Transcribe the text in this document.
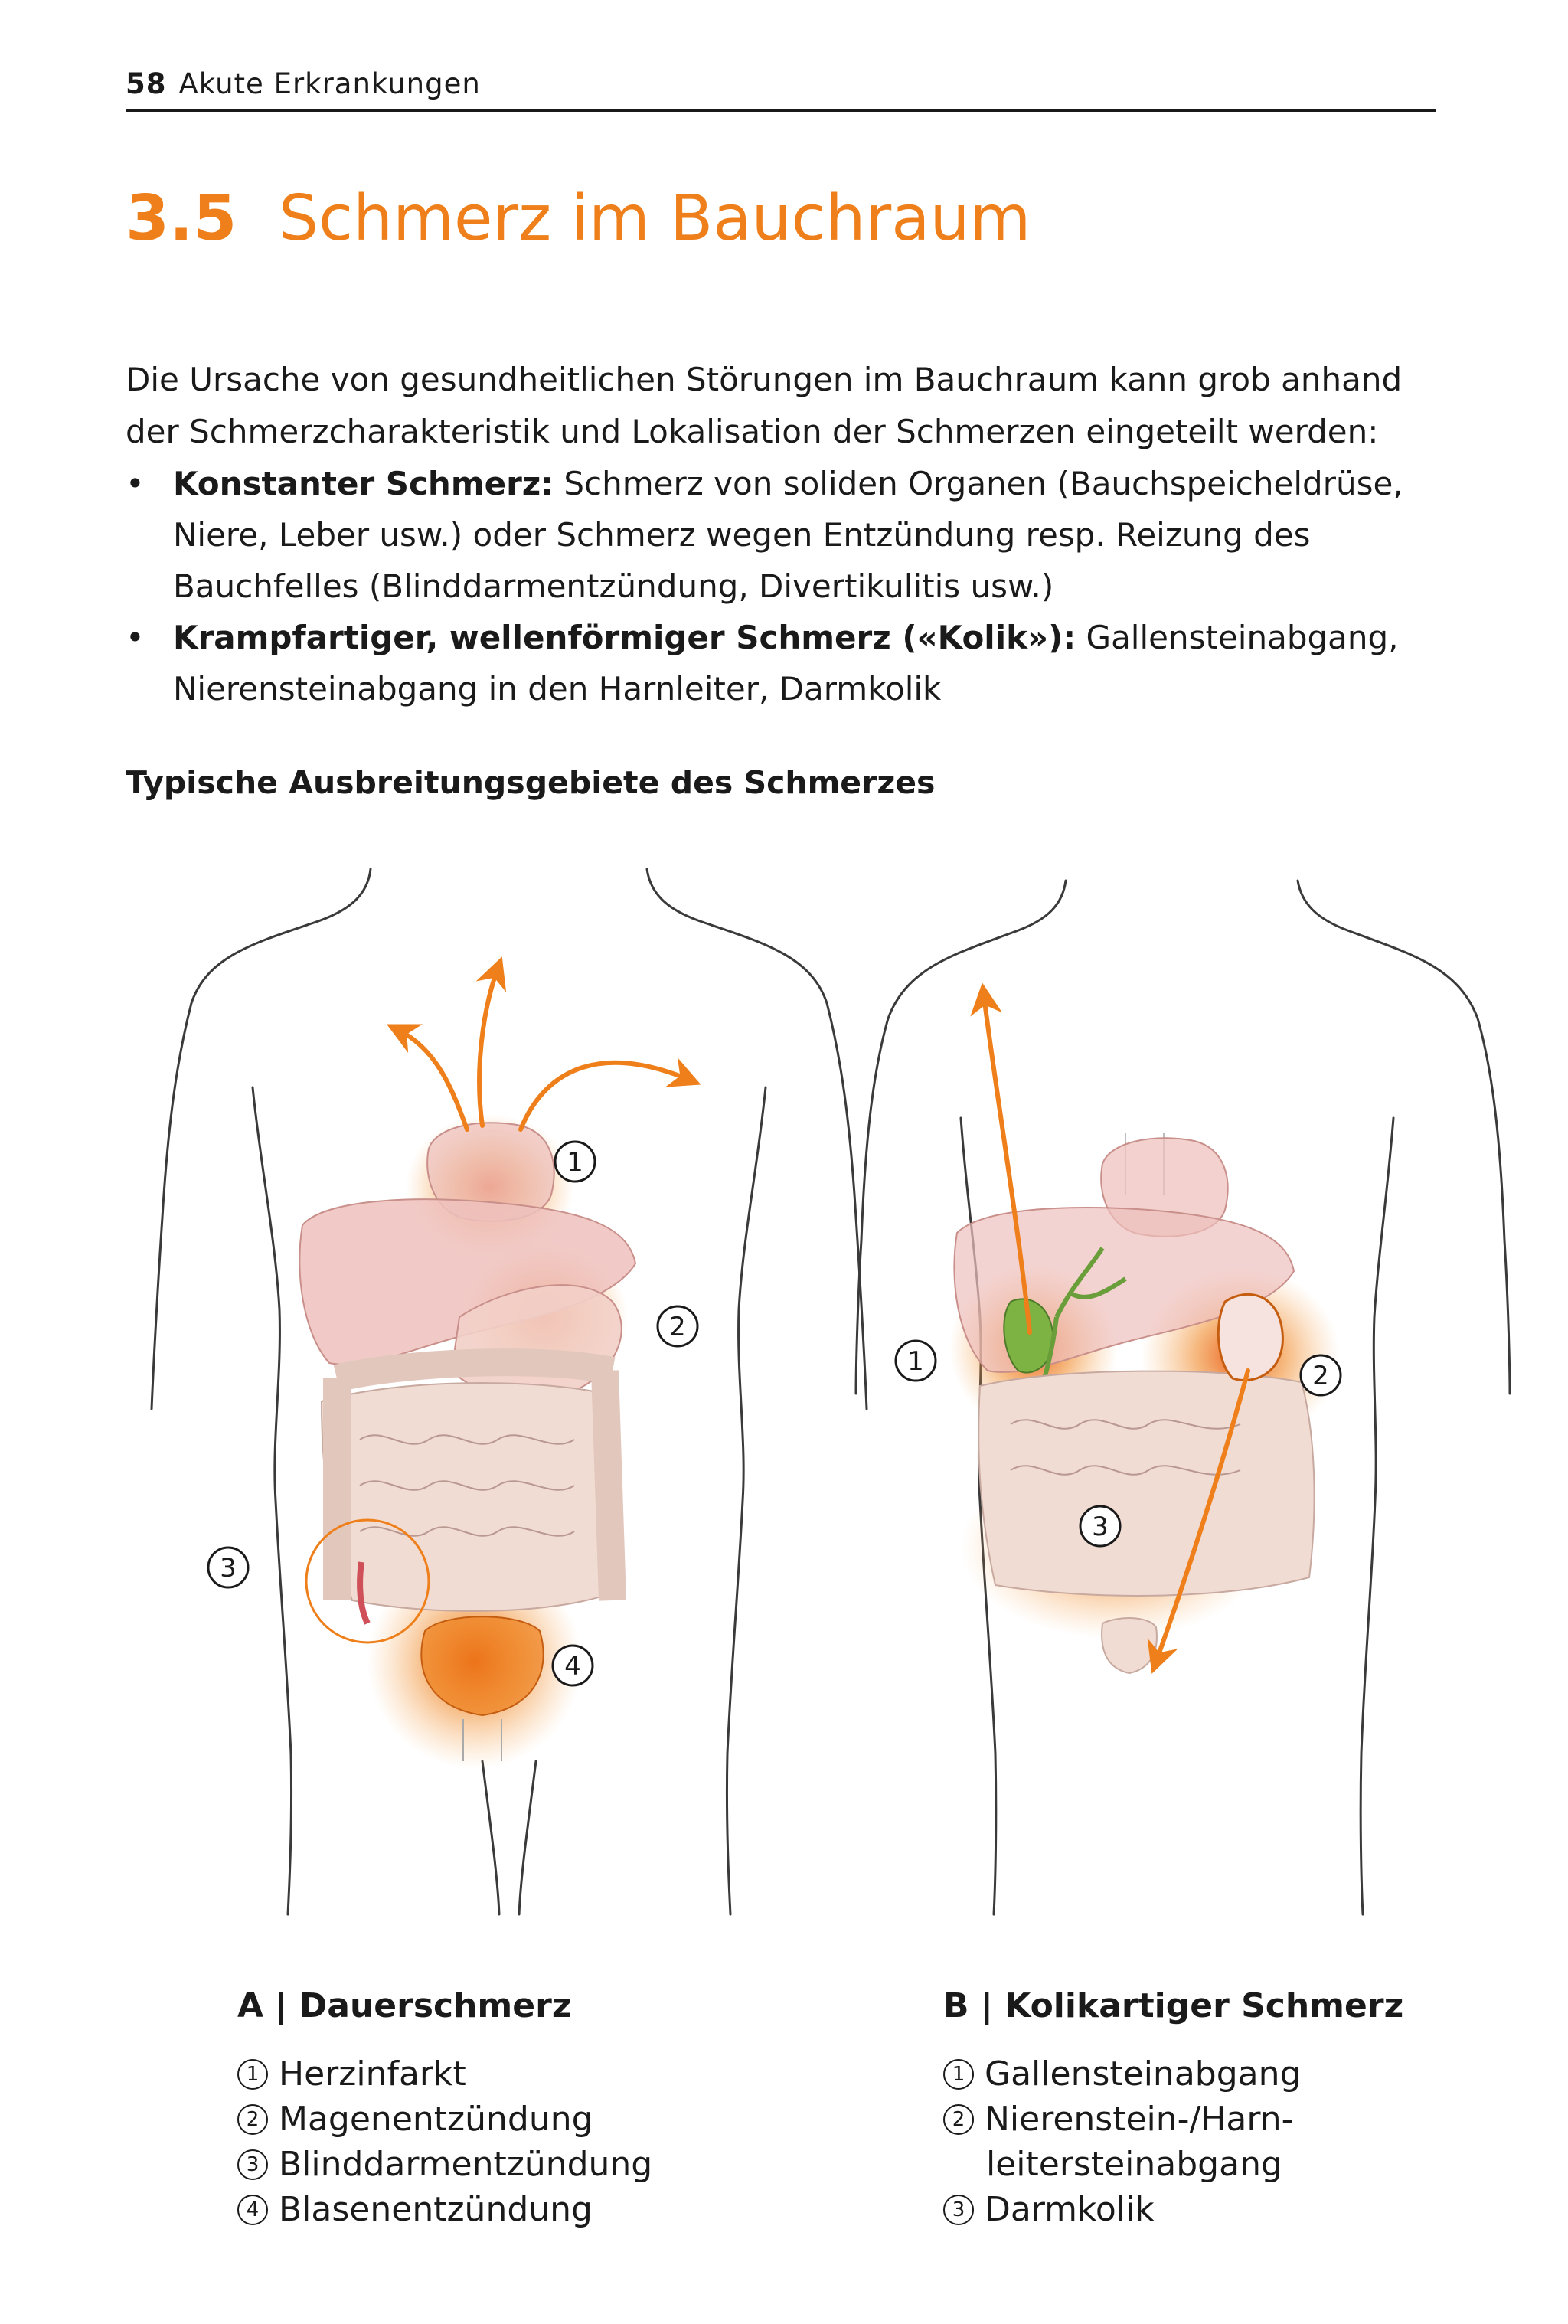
58 Akute Erkrankungen
3.5 Schmerz im Bauchraum

Die Ursache von gesundheitlichen Störungen im Bauchraum kann grob anhand der Schmerzcharakteristik und Lokalisation der Schmerzen eingeteilt werden:

• Konstanter Schmerz: Schmerz von soliden Organen (Bauchspeicheldrüse, Niere, Leber usw.) oder Schmerz wegen Entzündung resp. Reizung des Bauchfelles (Blinddarmentzündung, Divertikulitis usw.)
• Krampfartiger, wellenförmiger Schmerz («Kolik»): Gallensteinabgang, Nierensteinabgang in den Harnleiter, Darmkolik
Typische Ausbreitungsgebiete des Schmerzes
1
2
3
4
1	2
3
A | Dauerschmerz
1 Herzinfarkt
2 Magenentzündung
3 Blinddarmentzündung
4 Blasenentzündung
B | Kolikartiger Schmerz
1 Gallensteinabgang
2 Nierenstein-/Harn-
leitersteinabgang
3 Darmkolik
